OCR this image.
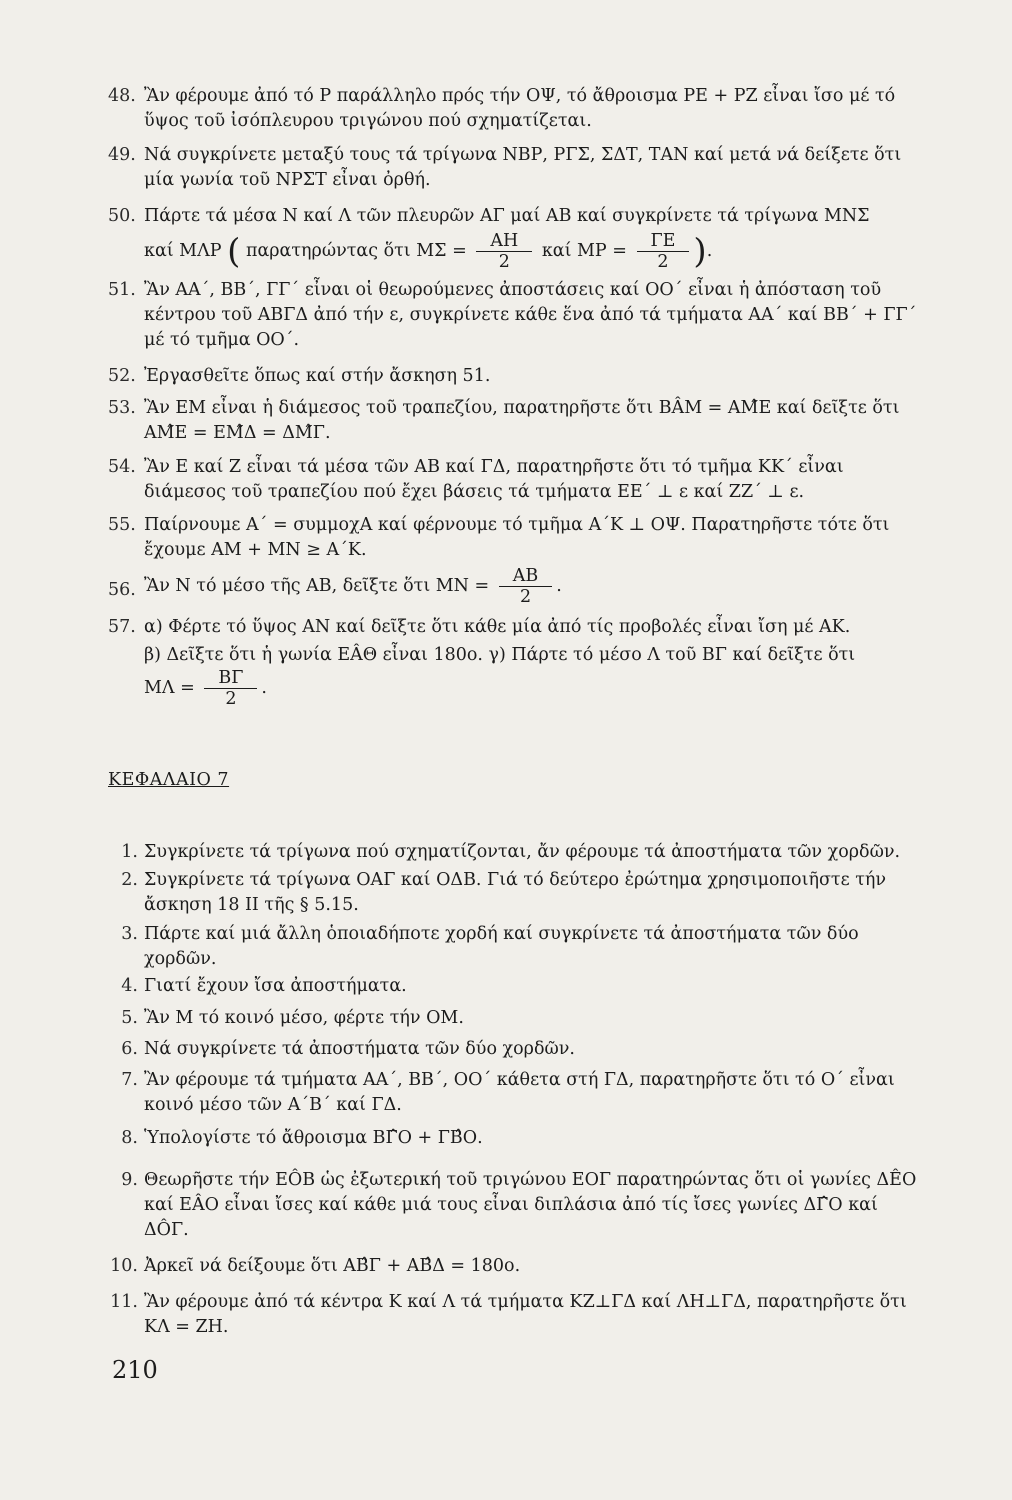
48. Ἂν φέρουμε ἀπό τό Ρ παράλληλο πρός τήν ΟΨ, τό ἄθροισμα ΡΕ + ΡΖ εἶναι ἴσο μέ τό ὕψος τοῦ ἰσόπλευρου τριγώνου πού σχηματίζεται.

49. Νά συγκρίνετε μεταξύ τους τά τρίγωνα ΝΒΡ, ΡΓΣ, ΣΔΤ, ΤΑΝ καί μετά νά δείξετε ὅτι μία γωνία τοῦ ΝΡΣΤ εἶναι ὀρθή.

50. Πάρτε τά μέσα Ν καί Λ τῶν πλευρῶν ΑΓ μαί ΑΒ καί συγκρίνετε τά τρίγωνα ΜΝΣ
καί ΜΛΡ ( παρατηρώντας ὅτι $M\Sigma = \frac{AH}{2}$ καί $MP = \frac{\Gamma E}{2}$ ).

51. Ἂν ΑΑ΄, ΒΒ΄, ΓΓ΄ εἶναι οἱ θεωρούμενες ἀποστάσεις καί ΟΟ΄ εἶναι ἡ ἀπόσταση τοῦ κέντρου τοῦ ΑΒΓΔ ἀπό τήν ε, συγκρίνετε κάθε ἕνα ἀπό τά τμήματα ΑΑ΄ καί ΒΒ΄ + ΓΓ΄ μέ τό τμῆμα ΟΟ΄.

52. Ἐργασθεῖτε ὅπως καί στήν ἄσκηση 51.

53. Ἂν ΕΜ εἶναι ἡ διάμεσος τοῦ τραπεζίου, παρατηρῆστε ὅτι ΒÂΜ = ΑΜ̂Ε καί δεῖξτε ὅτι ΑΜ̂Ε = ΕΜ̂Δ = ΔΜ̂Γ.

54. Ἂν Ε καί Ζ εἶναι τά μέσα τῶν ΑΒ καί ΓΔ, παρατηρῆστε ὅτι τό τμῆμα ΚΚ΄ εἶναι διάμεσος τοῦ τραπεζίου πού ἔχει βάσεις τά τμήματα ΕΕ΄ ⊥ ε καί ΖΖ΄ ⊥ ε.

55. Παίρνουμε Α΄ = συμμοχΑ καί φέρνουμε τό τμῆμα Α΄Κ ⊥ ΟΨ. Παρατηρῆστε τότε ὅτι ἔχουμε ΑΜ + ΜΝ ≥ Α΄Κ.

56. Ἂν Ν τό μέσο τῆς ΑΒ, δεῖξτε ὅτι $MN = \frac{AB}{2}$ .
57. α) Φέρτε τό ὕψος ΑΝ καί δεῖξτε ὅτι κάθε μία ἀπό τίς προβολές εἶναι ἴση μέ ΑΚ.
β) Δεῖξτε ὅτι ἡ γωνία ΕÂΘ εἶναι 180ο. γ) Πάρτε τό μέσο Λ τοῦ ΒΓ καί δεῖξτε ὅτι
$M\Lambda = \frac{B\Gamma}{2}$ .

ΚΕΦΑΛΑΙΟ 7

1. Συγκρίνετε τά τρίγωνα πού σχηματίζονται, ἄν φέρουμε τά ἀποστήματα τῶν χορδῶν.

2. Συγκρίνετε τά τρίγωνα ΟΑΓ καί ΟΔΒ. Γιά τό δεύτερο ἐρώτημα χρησιμοποιῆστε τήν ἄσκηση 18 ΙΙ τῆς § 5.15.

3. Πάρτε καί μιά ἄλλη ὁποιαδήποτε χορδή καί συγκρίνετε τά ἀποστήματα τῶν δύο χορδῶν.

4. Γιατί ἔχουν ἴσα ἀποστήματα.

5. Ἂν Μ τό κοινό μέσο, φέρτε τήν ΟΜ.

6. Νά συγκρίνετε τά ἀποστήματα τῶν δύο χορδῶν.

7. Ἂν φέρουμε τά τμήματα ΑΑ΄, ΒΒ΄, ΟΟ΄ κάθετα στή ΓΔ, παρατηρῆστε ὅτι τό Ο΄ εἶναι κοινό μέσο τῶν Α΄Β΄ καί ΓΔ.

8. Ὑπολογίστε τό ἄθροισμα ΒΓ̂Ο + ΓΒ̂Ο.

9. Θεωρῆστε τήν ΕÔΒ ὡς ἐξωτερική τοῦ τριγώνου ΕΟΓ παρατηρώντας ὅτι οἱ γωνίες ΔÊΟ καί ΕÂΟ εἶναι ἴσες καί κάθε μιά τους εἶναι διπλάσια ἀπό τίς ἴσες γωνίες ΔΓ̂Ο καί ΔÔΓ.

10. Ἀρκεῖ νά δείξουμε ὅτι ΑΒ̂Γ + ΑΒ̂Δ = 180ο.

11. Ἂν φέρουμε ἀπό τά κέντρα Κ καί Λ τά τμήματα ΚΖ⊥ΓΔ καί ΛΗ⊥ΓΔ, παρατηρῆστε ὅτι ΚΛ = ΖΗ.

210
